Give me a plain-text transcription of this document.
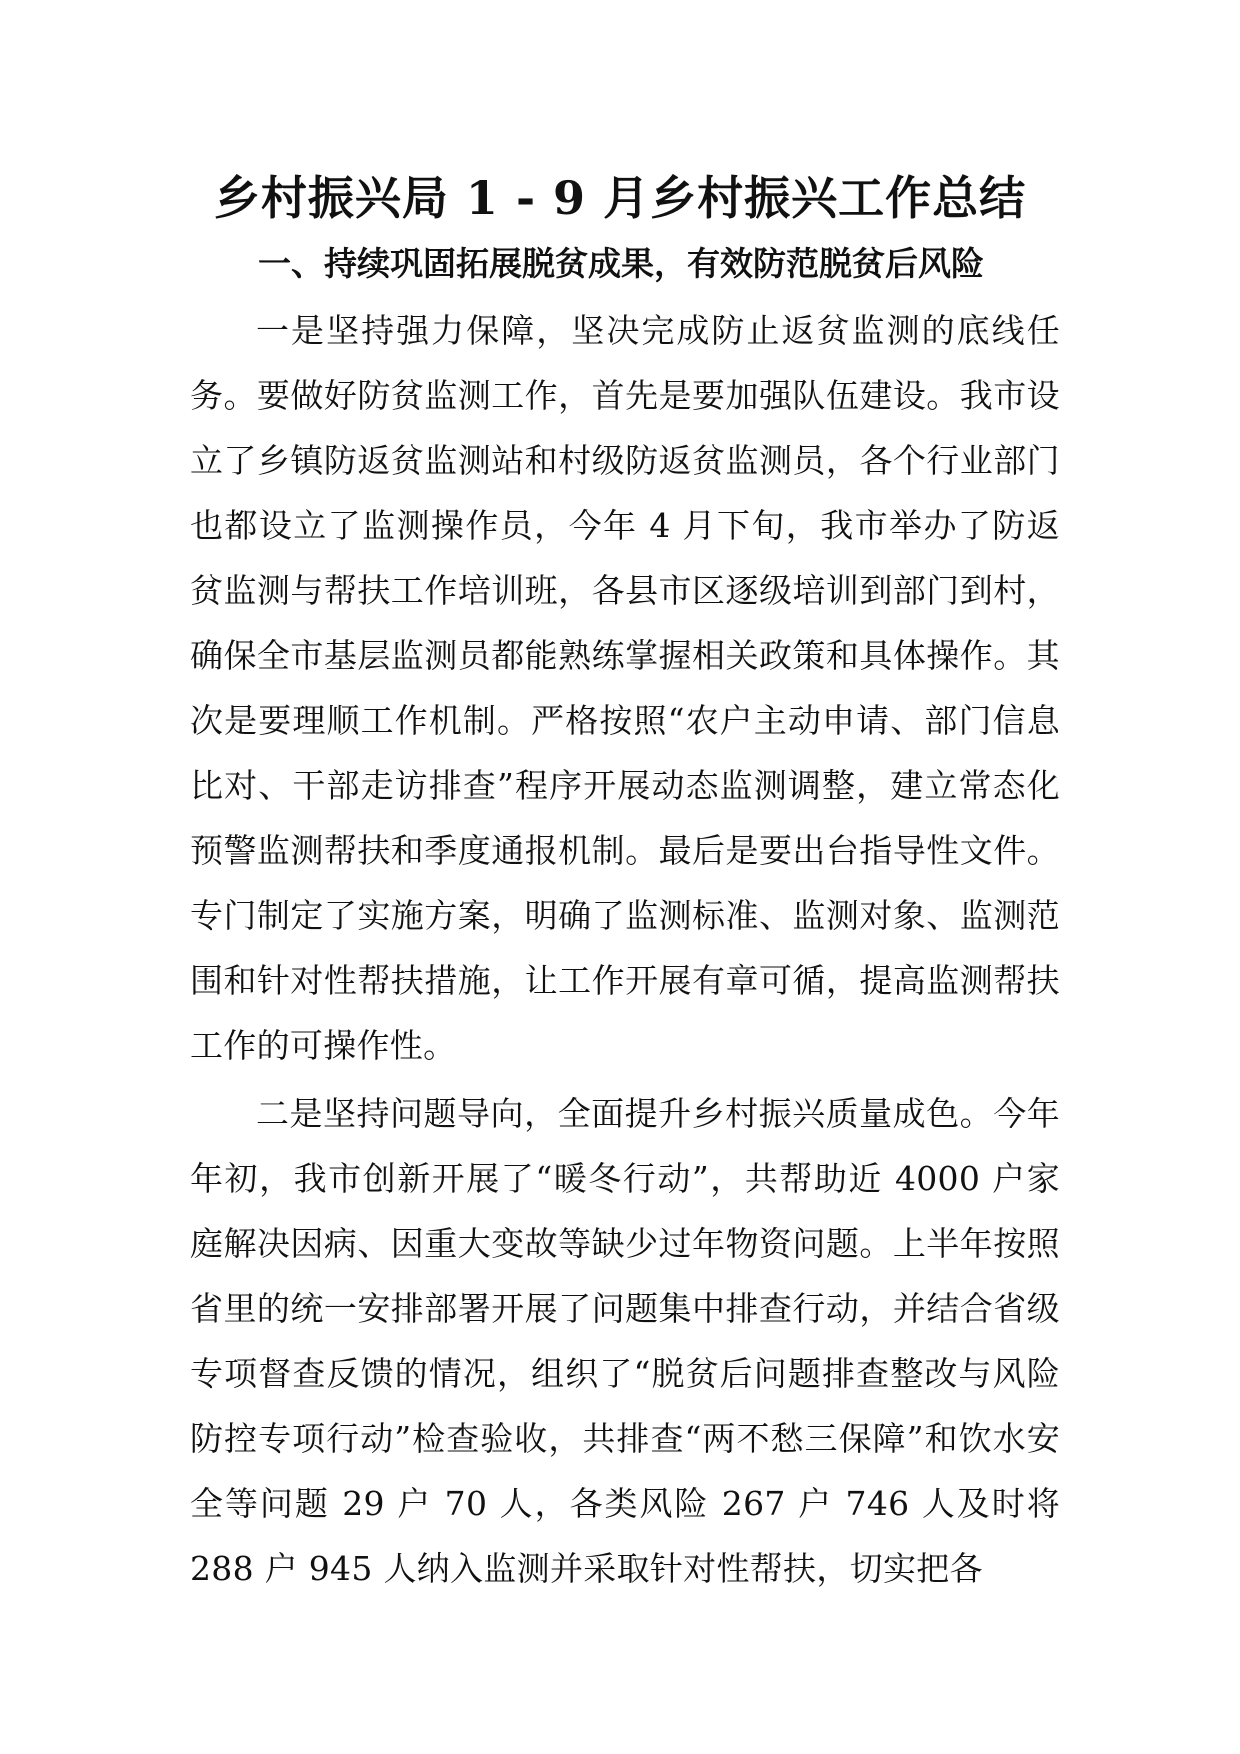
乡村振兴局 1 - 9 月乡村振兴工作总结
一、持续巩固拓展脱贫成果，有效防范脱贫后风险

一是坚持强力保障，坚决完成防止返贫监测的底线任务。要做好防贫监测工作，首先是要加强队伍建设。我市设立了乡镇防返贫监测站和村级防返贫监测员，各个行业部门也都设立了监测操作员，今年 4 月下旬，我市举办了防返贫监测与帮扶工作培训班，各县市区逐级培训到部门到村，确保全市基层监测员都能熟练掌握相关政策和具体操作。其次是要理顺工作机制。严格按照“农户主动申请、部门信息比对、干部走访排查”程序开展动态监测调整，建立常态化预警监测帮扶和季度通报机制。最后是要出台指导性文件。专门制定了实施方案，明确了监测标准、监测对象、监测范围和针对性帮扶措施，让工作开展有章可循，提高监测帮扶工作的可操作性。

二是坚持问题导向，全面提升乡村振兴质量成色。今年年初，我市创新开展了“暖冬行动”，共帮助近 4000 户家庭解决因病、因重大变故等缺少过年物资问题。上半年按照省里的统一安排部署开展了问题集中排查行动，并结合省级专项督查反馈的情况，组织了“脱贫后问题排查整改与风险防控专项行动”检查验收，共排查“两不愁三保障”和饮水安全等问题 29 户 70 人，各类风险 267 户 746 人及时将 288 户 945 人纳入监测并采取针对性帮扶，切实把各
